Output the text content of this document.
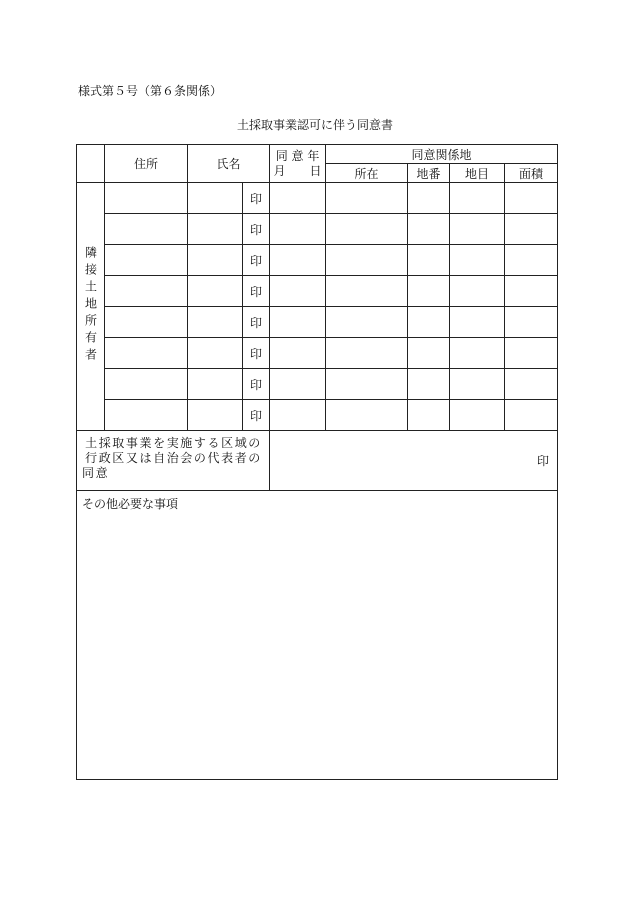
様式第５号（第６条関係）
土採取事業認可に伴う同意書
	住所	氏名		同 意 年
月　　日	同意関係地			
					所在	地番	地目	面積
隣接土地所有者			印					
			印					
			印					
			印					
			印					
			印					
			印					
			印					
土採取事業を実施する区域の行政区又は自治会の代表者の同意				印				

その他必要な事項								
